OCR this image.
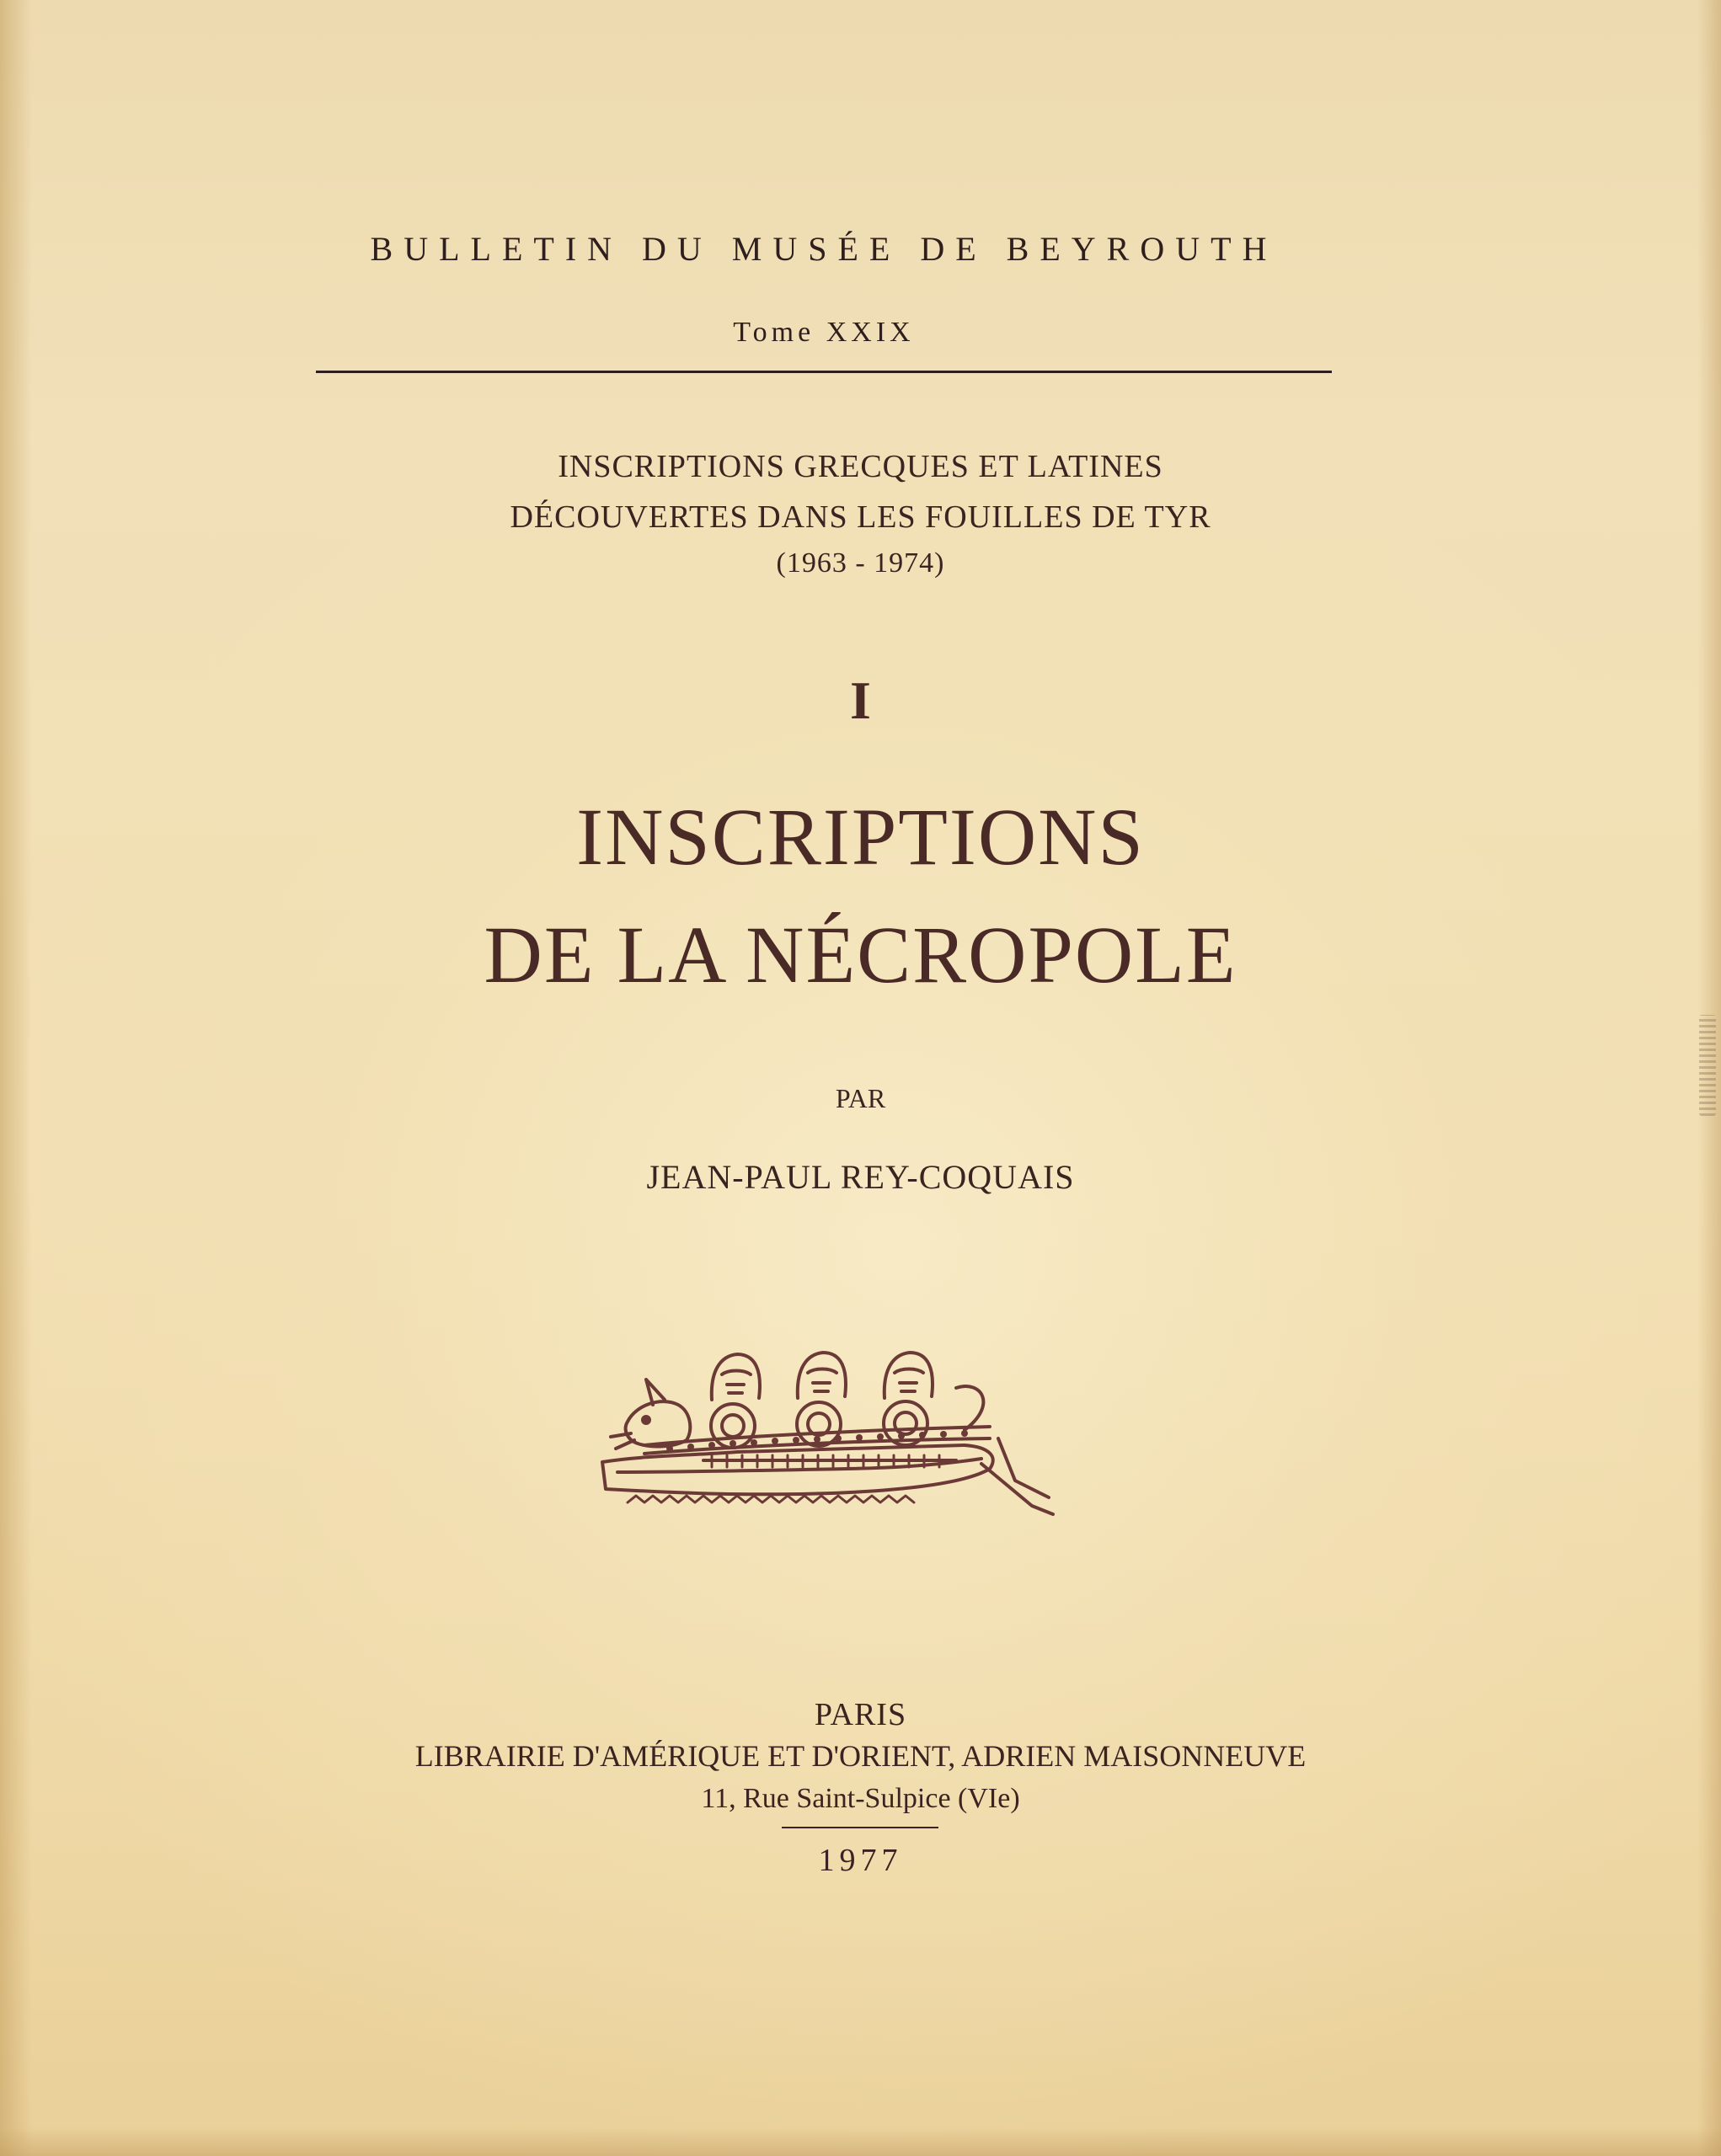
BULLETIN DU MUSÉE DE BEYROUTH
Tome XXIX
INSCRIPTIONS GRECQUES ET LATINES
DÉCOUVERTES DANS LES FOUILLES DE TYR
(1963 - 1974)
I
INSCRIPTIONS
DE LA NÉCROPOLE
PAR
JEAN-PAUL REY-COQUAIS
PARIS
LIBRAIRIE D'AMÉRIQUE ET D'ORIENT, ADRIEN MAISONNEUVE
11, Rue Saint-Sulpice (VIe)
1977
